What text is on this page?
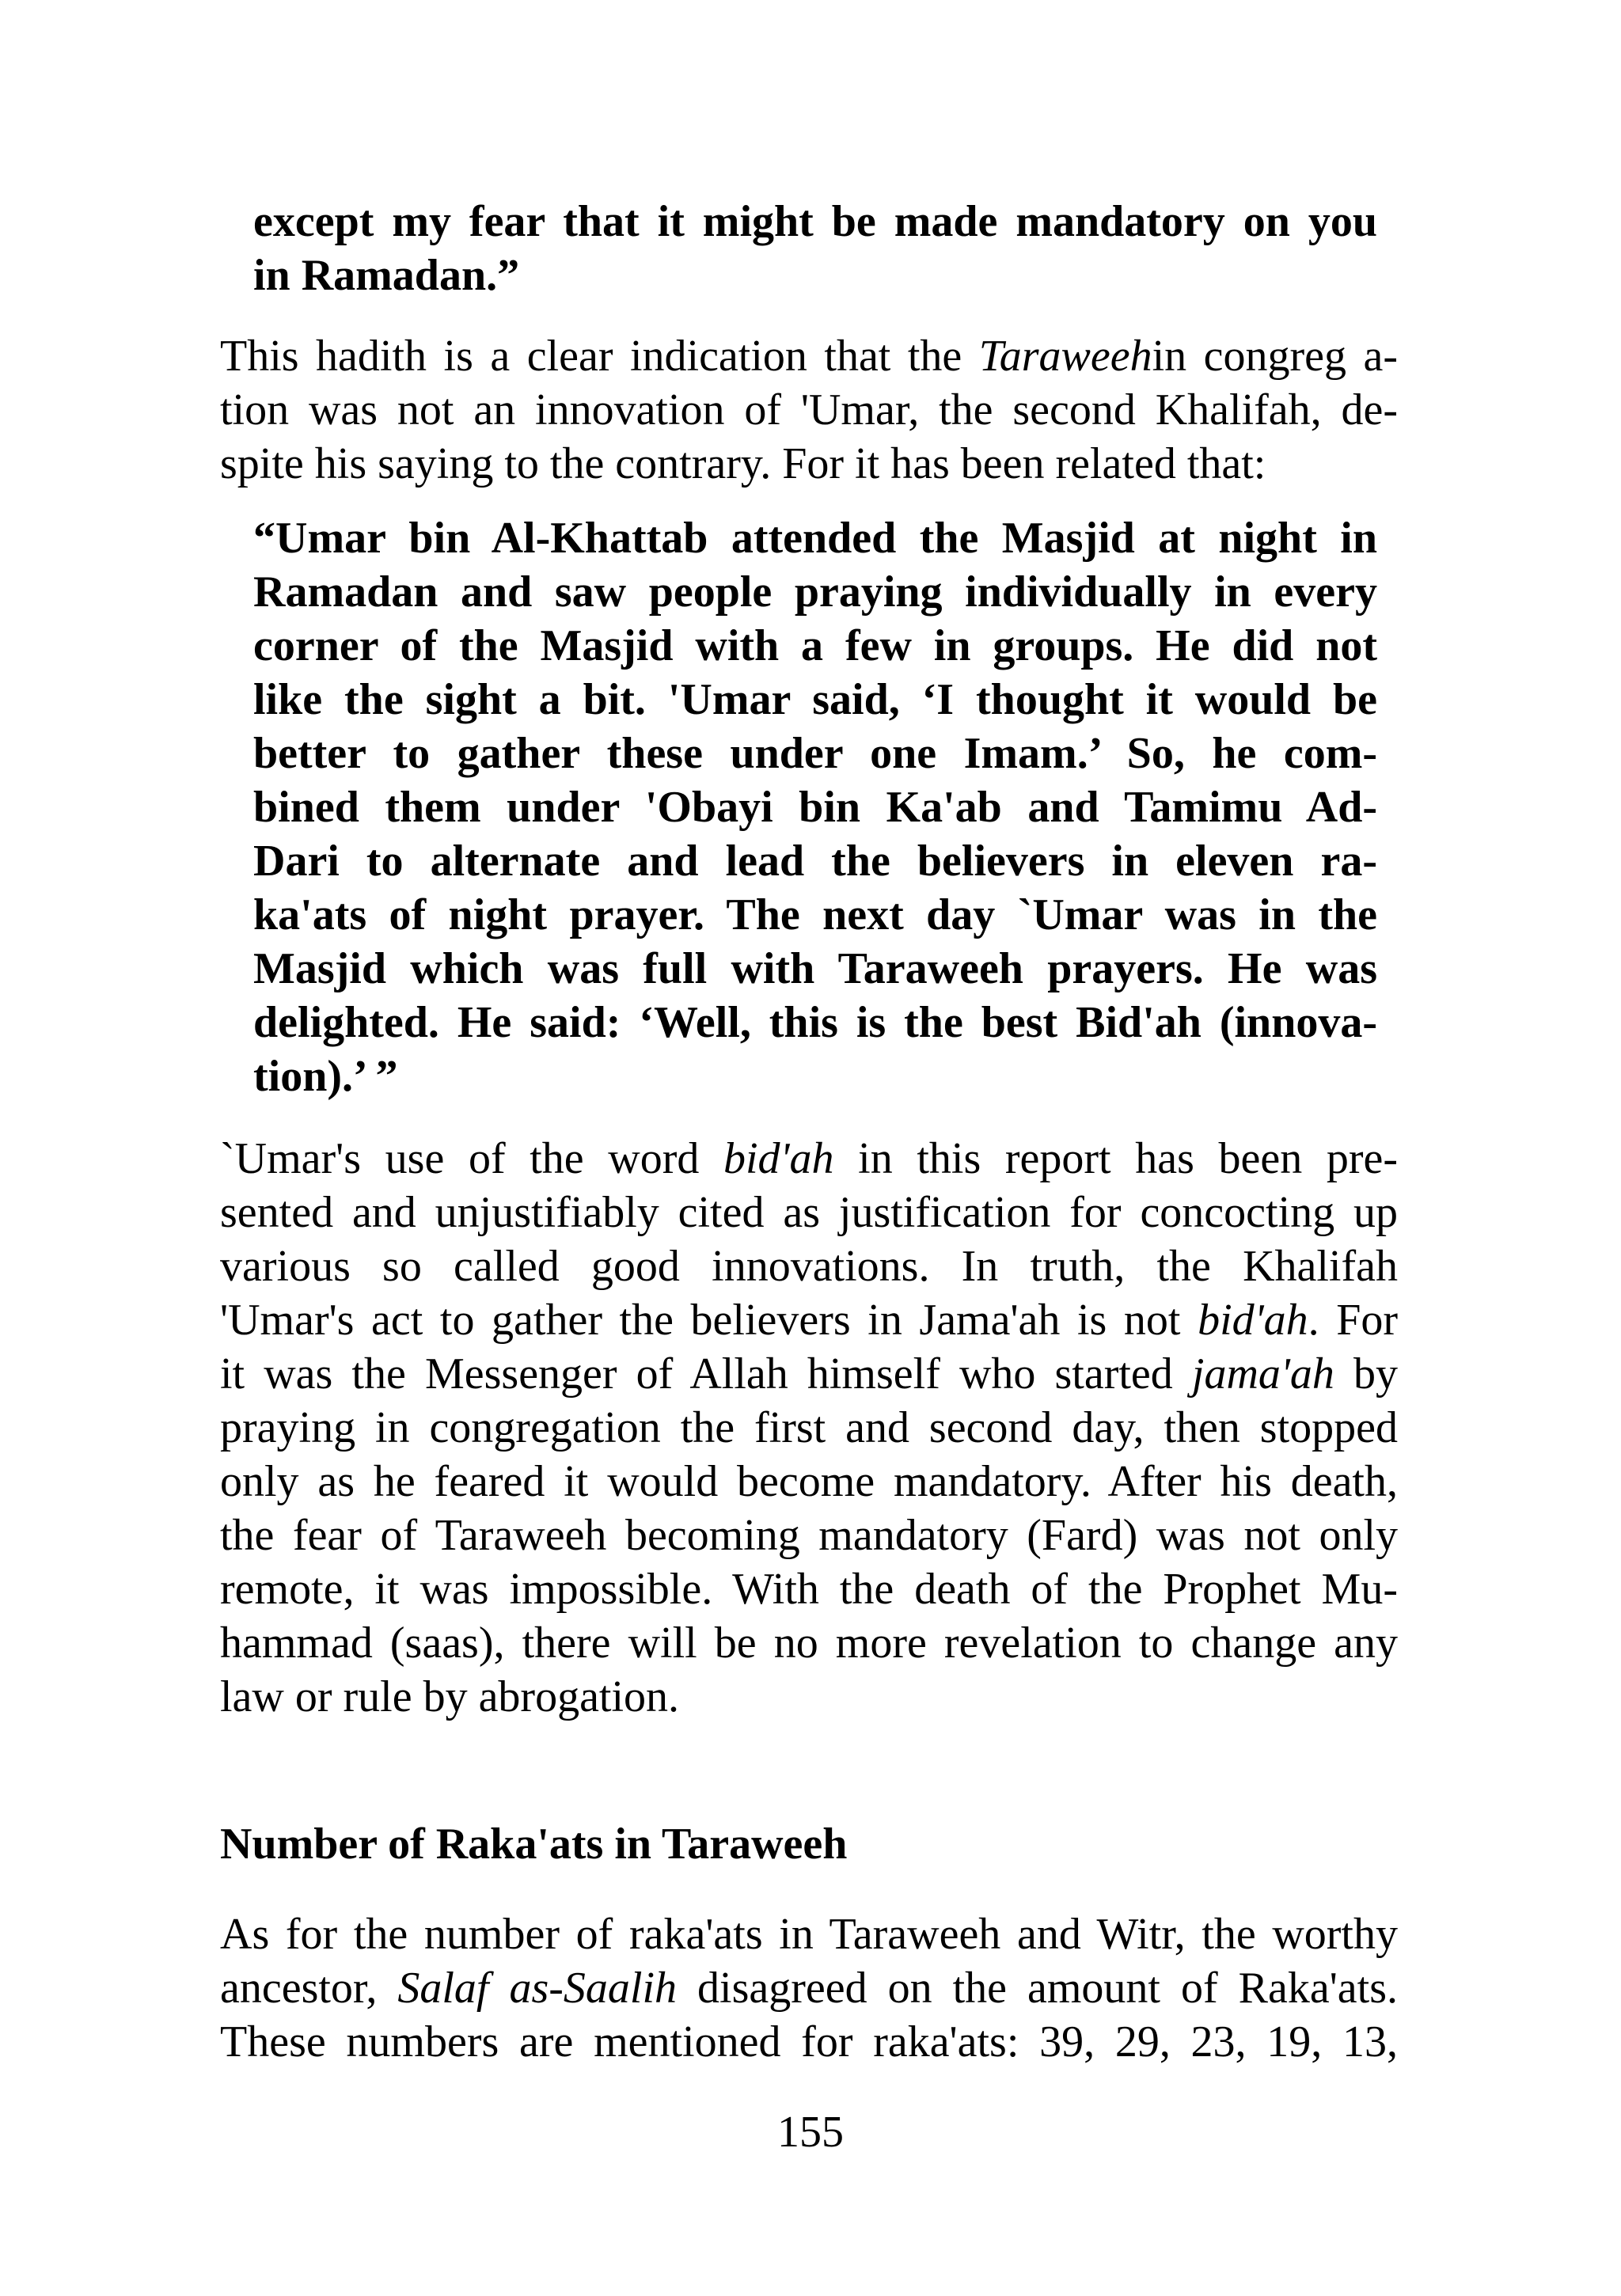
except my fear that it might be made mandatory on you
in Ramadan.”
This hadith is a clear indication that the Taraweehin congreg a-
tion was not an innovation of 'Umar, the second Khalifah, de-
spite his saying to the contrary. For it has been related that:
“Umar bin Al-Khattab attended the Masjid at night in
Ramadan and saw people praying individually in every
corner of the Masjid with a few in groups. He did not
like the sight a bit. 'Umar said, ‘I thought it would be
better to gather these under one Imam.’ So, he com-
bined them under 'Obayi bin Ka'ab and Tamimu Ad-
Dari to alternate and lead the believers in eleven ra-
ka'ats of night prayer. The next day `Umar was in the
Masjid which was full with Taraweeh prayers. He was
delighted. He said: ‘Well, this is the best Bid'ah (innova-
tion).’ ”
`Umar's use of the word bid'ah in this report has been pre-
sented and unjustifiably cited as justification for concocting up
various so called good innovations. In truth, the Khalifah
'Umar's act to gather the believers in Jama'ah is not bid'ah. For
it was the Messenger of Allah himself who started jama'ah by
praying in congregation the first and second day, then stopped
only as he feared it would become mandatory. After his death,
the fear of Taraweeh becoming mandatory (Fard) was not only
remote, it was impossible. With the death of the Prophet Mu-
hammad (saas), there will be no more revelation to change any
law or rule by abrogation.
Number of Raka'ats in Taraweeh
As for the number of raka'ats in Taraweeh and Witr, the worthy
ancestor, Salaf as-Saalih disagreed on the amount of Raka'ats.
These numbers are mentioned for raka'ats: 39, 29, 23, 19, 13,
155
